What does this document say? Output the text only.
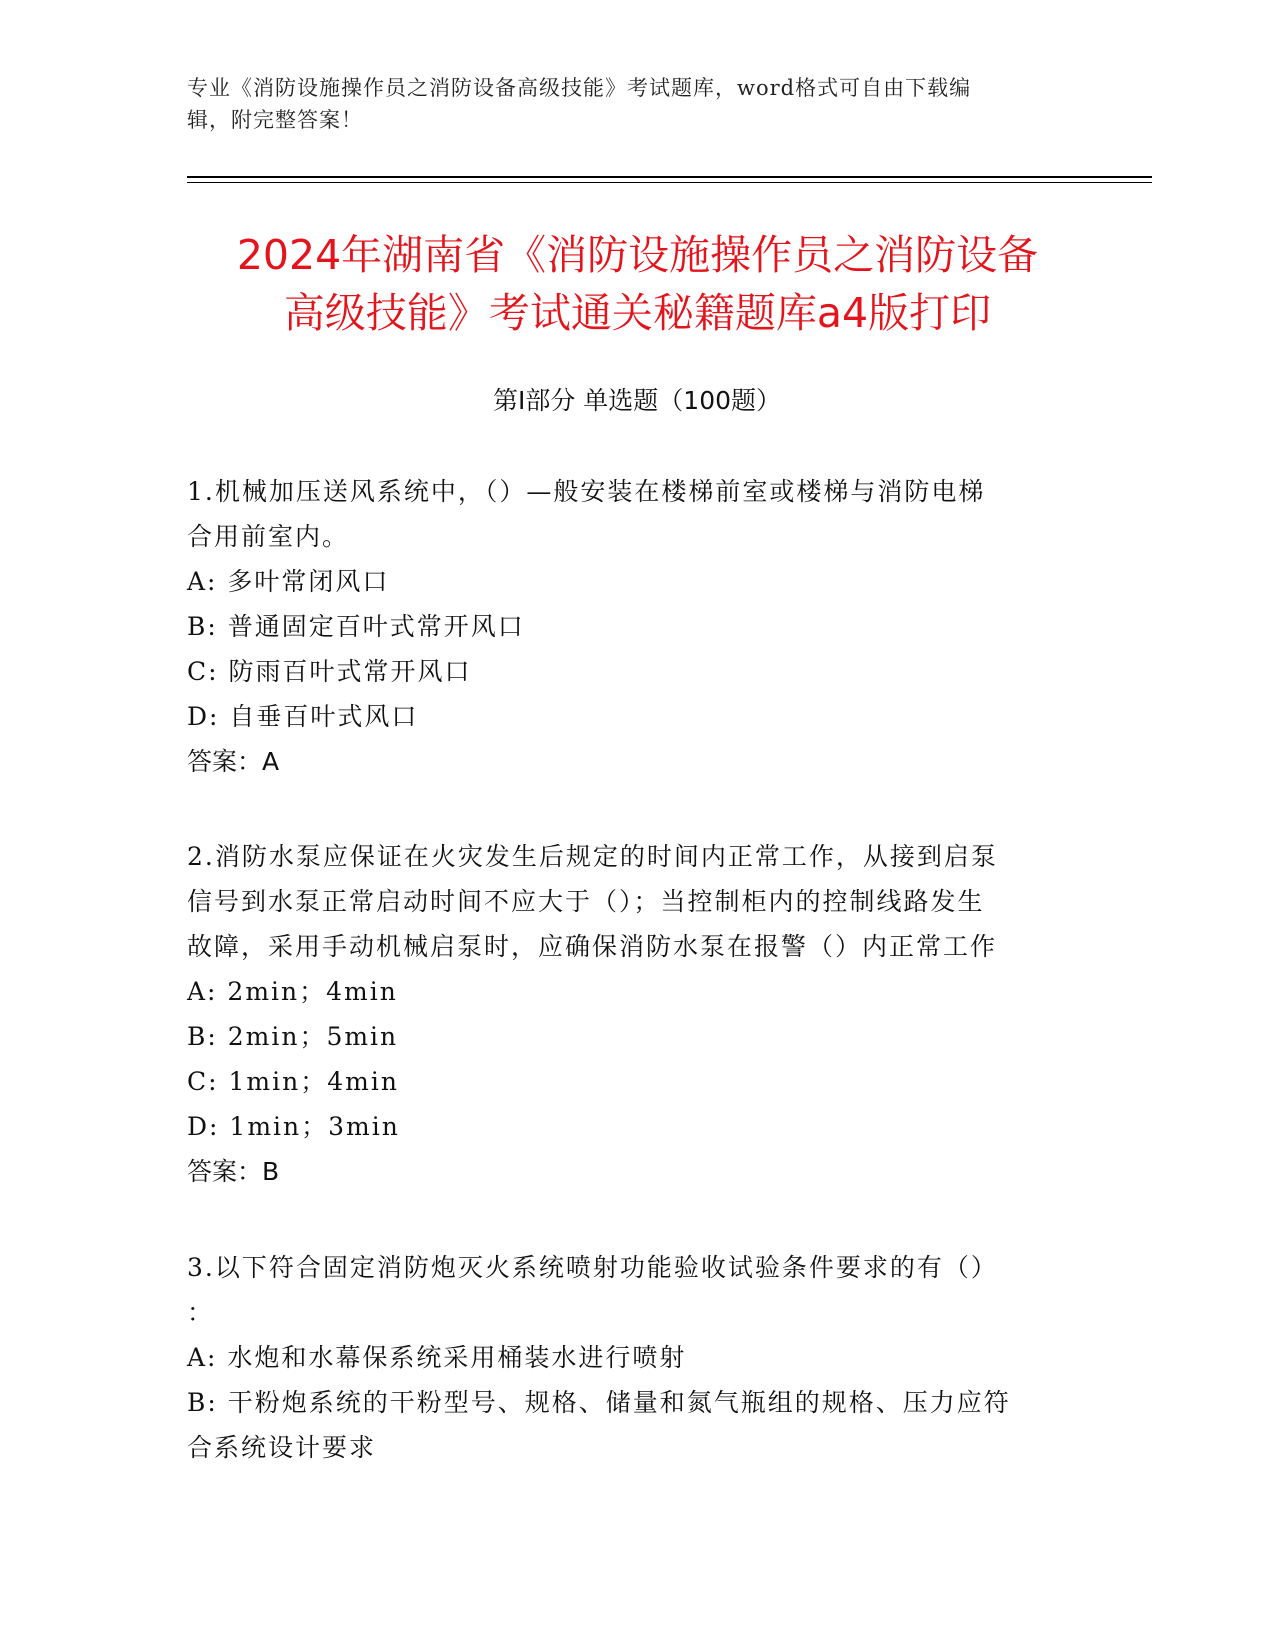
专业《消防设施操作员之消防设备高级技能》考试题库，word格式可自由下载编
辑，附完整答案！
2024年湖南省《消防设施操作员之消防设备
高级技能》考试通关秘籍题库a4版打印
第I部分 单选题（100题）
1.机械加压送风系统中，（）—般安装在楼梯前室或楼梯与消防电梯
合用前室内。
A: 多叶常闭风口
B: 普通固定百叶式常开风口
C: 防雨百叶式常开风口
D: 自垂百叶式风口
答案：A
2.消防水泵应保证在火灾发生后规定的时间内正常工作，从接到启泵
信号到水泵正常启动时间不应大于（）；当控制柜内的控制线路发生
故障，采用手动机械启泵时，应确保消防水泵在报警（）内正常工作
A: 2min；4min
B: 2min；5min
C: 1min；4min
D: 1min；3min
答案：B
3.以下符合固定消防炮灭火系统喷射功能验收试验条件要求的有（）
：
A: 水炮和水幕保系统采用桶装水进行喷射
B: 干粉炮系统的干粉型号、规格、储量和氮气瓶组的规格、压力应符
合系统设计要求
